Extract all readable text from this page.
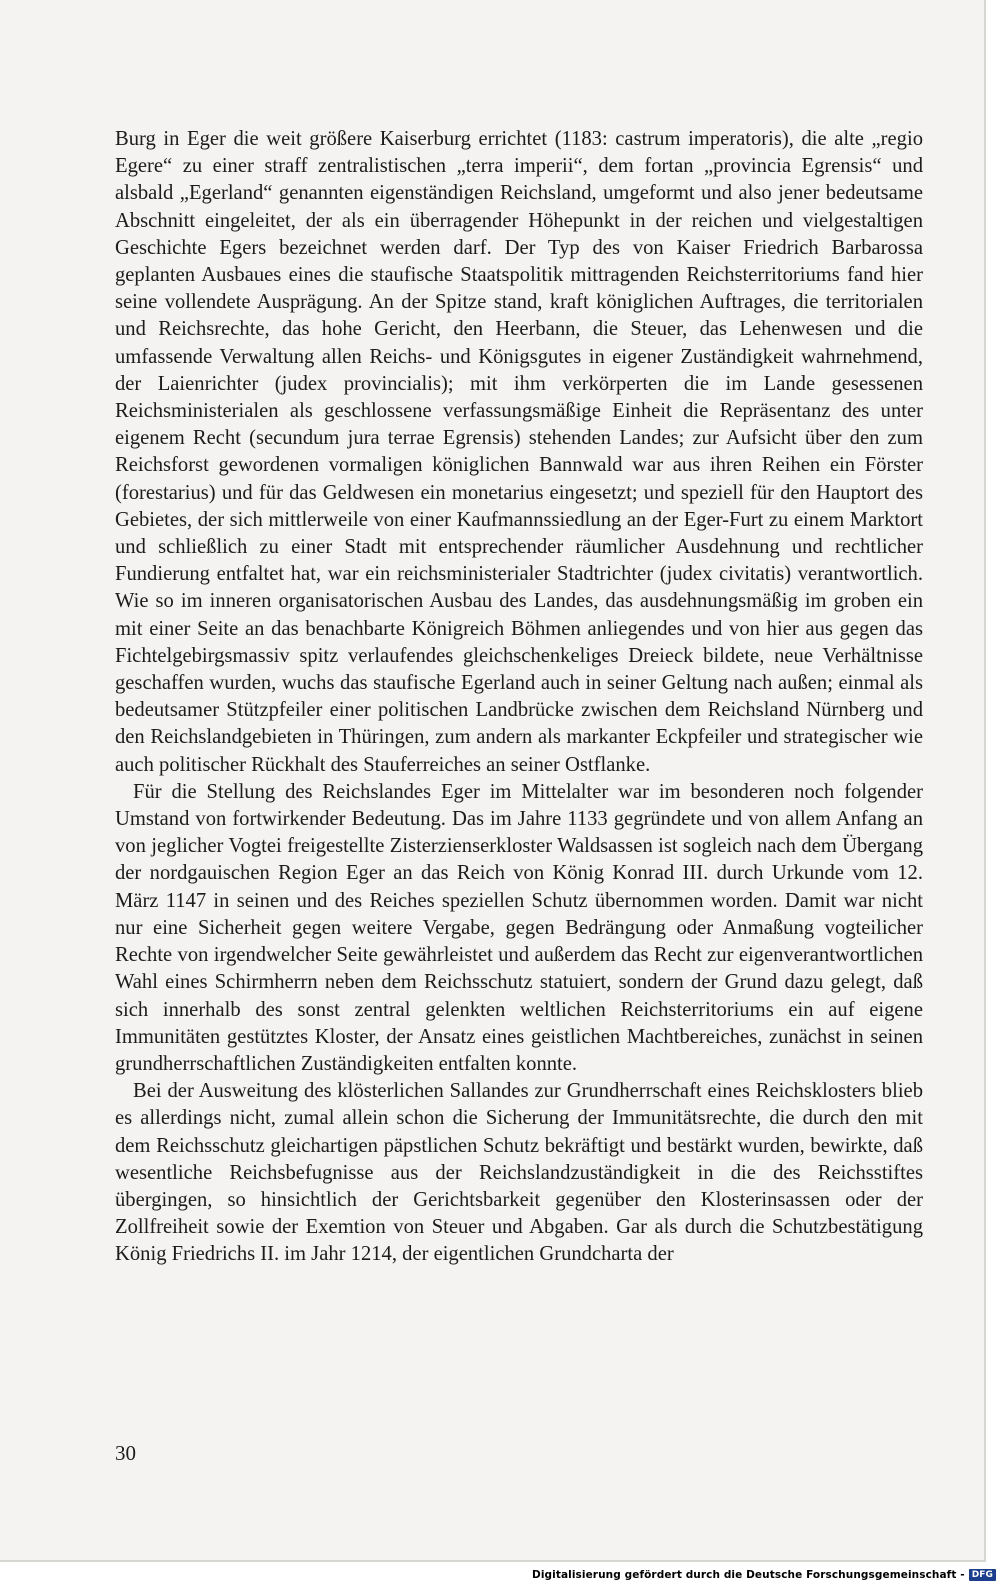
Burg in Eger die weit größere Kaiserburg errichtet (1183: castrum imperatoris), die alte „regio Egere“ zu einer straff zentralistischen „terra imperii“, dem fortan „provincia Egrensis“ und alsbald „Egerland“ genannten eigenständigen Reichsland, umgeformt und also jener bedeutsame Abschnitt eingeleitet, der als ein überragender Höhepunkt in der reichen und vielgestaltigen Geschichte Egers bezeichnet werden darf. Der Typ des von Kaiser Friedrich Barbarossa geplanten Ausbaues eines die staufische Staatspolitik mittragenden Reichsterritoriums fand hier seine vollendete Ausprägung. An der Spitze stand, kraft königlichen Auftrages, die territorialen und Reichsrechte, das hohe Gericht, den Heerbann, die Steuer, das Lehenwesen und die umfassende Verwaltung allen Reichs- und Königsgutes in eigener Zuständigkeit wahrnehmend, der Laienrichter (judex provincialis); mit ihm verkörperten die im Lande gesessenen Reichsministerialen als geschlossene verfassungsmäßige Einheit die Repräsentanz des unter eigenem Recht (secundum jura terrae Egrensis) stehenden Landes; zur Aufsicht über den zum Reichsforst gewordenen vormaligen königlichen Bannwald war aus ihren Reihen ein Förster (forestarius) und für das Geldwesen ein monetarius eingesetzt; und speziell für den Hauptort des Gebietes, der sich mittlerweile von einer Kaufmannssiedlung an der Eger-Furt zu einem Marktort und schließlich zu einer Stadt mit entsprechender räumlicher Ausdehnung und rechtlicher Fundierung entfaltet hat, war ein reichsministerialer Stadtrichter (judex civitatis) verantwortlich. Wie so im inneren organisatorischen Ausbau des Landes, das ausdehnungsmäßig im groben ein mit einer Seite an das benachbarte Königreich Böhmen anliegendes und von hier aus gegen das Fichtelgebirgsmassiv spitz verlaufendes gleichschenkeliges Dreieck bildete, neue Verhältnisse geschaffen wurden, wuchs das staufische Egerland auch in seiner Geltung nach außen; einmal als bedeutsamer Stützpfeiler einer politischen Landbrücke zwischen dem Reichsland Nürnberg und den Reichslandgebieten in Thüringen, zum andern als markanter Eckpfeiler und strategischer wie auch politischer Rückhalt des Stauferreiches an seiner Ostflanke.

Für die Stellung des Reichslandes Eger im Mittelalter war im besonderen noch folgender Umstand von fortwirkender Bedeutung. Das im Jahre 1133 gegründete und von allem Anfang an von jeglicher Vogtei freigestellte Zisterzienserkloster Waldsassen ist sogleich nach dem Übergang der nordgauischen Region Eger an das Reich von König Konrad III. durch Urkunde vom 12. März 1147 in seinen und des Reiches speziellen Schutz übernommen worden. Damit war nicht nur eine Sicherheit gegen weitere Vergabe, gegen Bedrängung oder Anmaßung vogteilicher Rechte von irgendwelcher Seite gewährleistet und außerdem das Recht zur eigenverantwortlichen Wahl eines Schirmherrn neben dem Reichsschutz statuiert, sondern der Grund dazu gelegt, daß sich innerhalb des sonst zentral gelenkten weltlichen Reichsterritoriums ein auf eigene Immunitäten gestütztes Kloster, der Ansatz eines geistlichen Machtbereiches, zunächst in seinen grundherrschaftlichen Zuständigkeiten entfalten konnte.

Bei der Ausweitung des klösterlichen Sallandes zur Grundherrschaft eines Reichsklosters blieb es allerdings nicht, zumal allein schon die Sicherung der Immunitätsrechte, die durch den mit dem Reichsschutz gleichartigen päpstlichen Schutz bekräftigt und bestärkt wurden, bewirkte, daß wesentliche Reichsbefugnisse aus der Reichslandzuständigkeit in die des Reichsstiftes übergingen, so hinsichtlich der Gerichtsbarkeit gegenüber den Klosterinsassen oder der Zollfreiheit sowie der Exemtion von Steuer und Abgaben. Gar als durch die Schutzbestätigung König Friedrichs II. im Jahr 1214, der eigentlichen Grundcharta der

30
Digitalisierung gefördert durch die Deutsche Forschungsgemeinschaft - DFG
